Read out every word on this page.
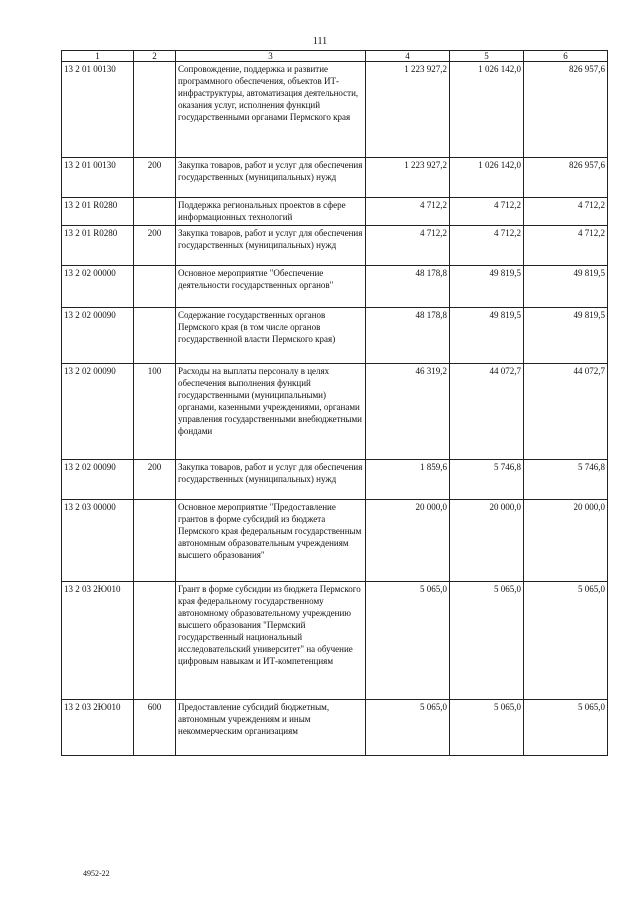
111
1	2	3	4	5	6
13 2 01 00130		Сопровождение, поддержка и развитие программного обеспечения, объектов ИТ-инфраструктуры, автоматизация деятельности, оказания услуг, исполнения функций государственными органами Пермского края	1 223 927,2	1 026 142,0	826 957,6
13 2 01 00130	200	Закупка товаров, работ и услуг для обеспечения государственных (муниципальных) нужд	1 223 927,2	1 026 142,0	826 957,6
13 2 01 R0280		Поддержка региональных проектов в сфере информационных технологий	4 712,2	4 712,2	4 712,2
13 2 01 R0280	200	Закупка товаров, работ и услуг для обеспечения государственных (муниципальных) нужд	4 712,2	4 712,2	4 712,2
13 2 02 00000		Основное мероприятие "Обеспечение деятельности государственных органов"	48 178,8	49 819,5	49 819,5
13 2 02 00090		Содержание государственных органов Пермского края (в том числе органов государственной власти Пермского края)	48 178,8	49 819,5	49 819,5
13 2 02 00090	100	Расходы на выплаты персоналу в целях обеспечения выполнения функций государственными (муниципальными) органами, казенными учреждениями, органами управления государственными внебюджетными фондами	46 319,2	44 072,7	44 072,7
13 2 02 00090	200	Закупка товаров, работ и услуг для обеспечения государственных (муниципальных) нужд	1 859,6	5 746,8	5 746,8
13 2 03 00000		Основное мероприятие "Предоставление грантов в форме субсидий из бюджета Пермского края федеральным государственным автономным образовательным учреждениям высшего образования"	20 000,0	20 000,0	20 000,0
13 2 03 2Ю010		Грант в форме субсидии из бюджета Пермского края федеральному государственному автономному образовательному учреждению высшего образования "Пермский государственный национальный исследовательский университет" на обучение цифровым навыкам и ИТ-компетенциям	5 065,0	5 065,0	5 065,0
13 2 03 2Ю010	600	Предоставление субсидий бюджетным, автономным учреждениям и иным некоммерческим организациям	5 065,0	5 065,0	5 065,0
4952-22
